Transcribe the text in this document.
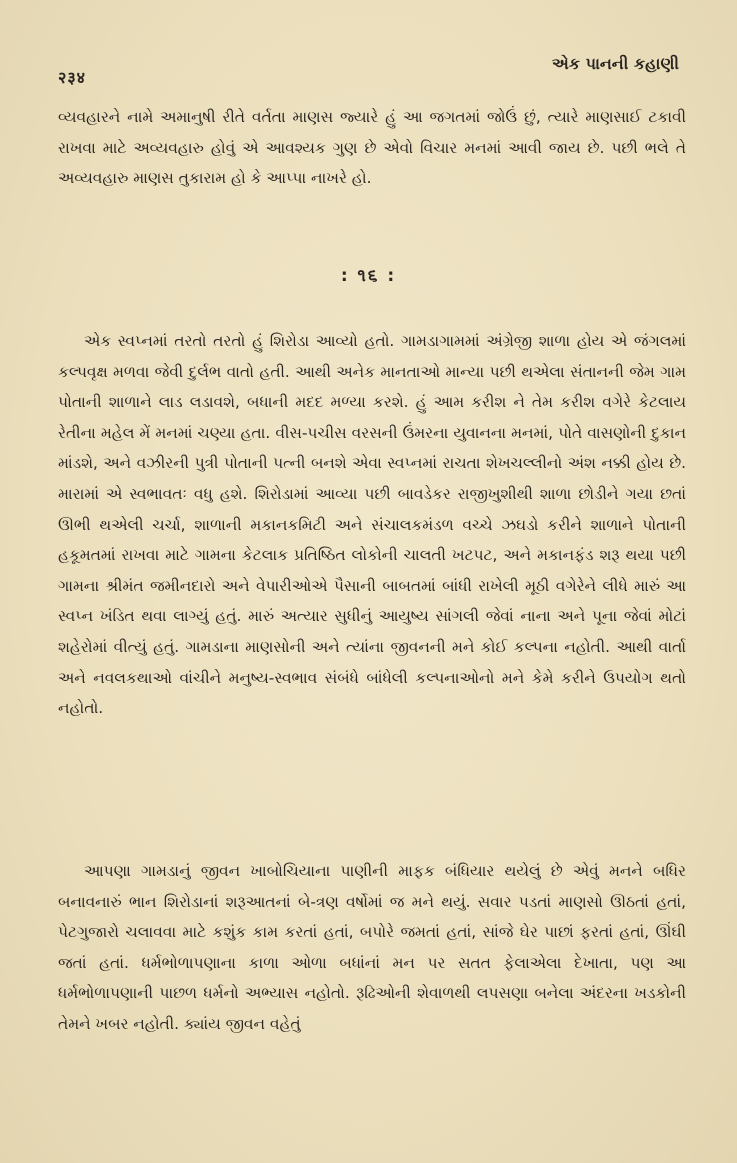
२३४
એક પાનની કહાણી

વ્યવહારને નામે અમાનુષી રીતે વર્તતા માણસ જ્યારે હું આ જગતમાં જોઉં છું, ત્યારે માણસાઈ ટકાવી રાખવા માટે અવ્યવહારુ હોવું એ આવશ્યક ગુણ છે એવો વિચાર મનમાં આવી જાય છે. પછી ભલે તે અવ્યવહારુ માણસ તુકારામ હો કે આપ્પા નાખરે હો.

: ૧૬ :

એક સ્વપ્નમાં તરતો તરતો હું શિરોડા આવ્યો હતો. ગામડાગામમાં અંગ્રેજી શાળા હોય એ જંગલમાં કલ્પવૃક્ષ મળવા જેવી દુર્લભ વાતો હતી. આથી અનેક માનતાઓ માન્યા પછી થએલા સંતાનની જેમ ગામ પોતાની શાળાને લાડ લડાવશે, બધાની મદદ મળ્યા કરશે. હું આમ કરીશ ને તેમ કરીશ વગેરે કેટલાય રેતીના મહેલ મેં મનમાં ચણ્યા હતા. વીસ-પચીસ વરસની ઉંમરના યુવાનના મનમાં, પોતે વાસણોની દુકાન માંડશે, અને વઝીરની પુત્રી પોતાની પત્ની બનશે એવા સ્વપ્નમાં રાચતા શેખચલ્લીનો અંશ નક્કી હોય છે. મારામાં એ સ્વભાવતઃ વધુ હશે. શિરોડામાં આવ્યા પછી બાવડેકર રાજીખુશીથી શાળા છોડીને ગયા છતાં ઊભી થએલી ચર્ચા, શાળાની મકાનકમિટી અને સંચાલકમંડળ વચ્ચે ઝઘડો કરીને શાળાને પોતાની હકૂમતમાં રાખવા માટે ગામના કેટલાક પ્રતિષ્ઠિત લોકોની ચાલતી ખટપટ, અને મકાનફંડ શરૂ થયા પછી ગામના શ્રીમંત જમીનદારો અને વેપારીઓએ પૈસાની બાબતમાં બાંધી રાખેલી મૂઠી વગેરેને લીધે મારું આ સ્વપ્ન ખંડિત થવા લાગ્યું હતું. મારું અત્યાર સુધીનું આયુષ્ય સાંગલી જેવાં નાના અને પૂના જેવાં મોટાં શહેરોમાં વીત્યું હતું. ગામડાના માણસોની અને ત્યાંના જીવનની મને કોઈ કલ્પના નહોતી. આથી વાર્તા અને નવલકથાઓ વાંચીને મનુષ્ય-સ્વભાવ સંબંધે બાંધેલી કલ્પનાઓનો મને કેમે કરીને ઉપયોગ થતો નહોતો.

આપણા ગામડાનું જીવન ખાબોચિયાના પાણીની માફક બંધિયાર થયેલું છે એવું મનને બધિર બનાવનારું ભાન શિરોડાનાં શરૂઆતનાં બે-ત્રણ વર્ષોમાં જ મને થયું. સવાર પડતાં માણસો ઊઠતાં હતાં, પેટગુજારો ચલાવવા માટે કશુંક કામ કરતાં હતાં, બપોરે જમતાં હતાં, સાંજે ઘેર પાછાં ફરતાં હતાં, ઊંઘી જતાં હતાં. ધર્મભોળાપણાના કાળા ઓળા બધાંનાં મન પર સતત ફેલાએલા દેખાતા, પણ આ ધર્મભોળાપણાની પાછળ ધર્મનો અભ્યાસ નહોતો. રૂઢિઓની શેવાળથી લપસણા બનેલા અંદરના ખડકોની તેમને ખબર નહોતી. ક્યાંય જીવન વહેતું
